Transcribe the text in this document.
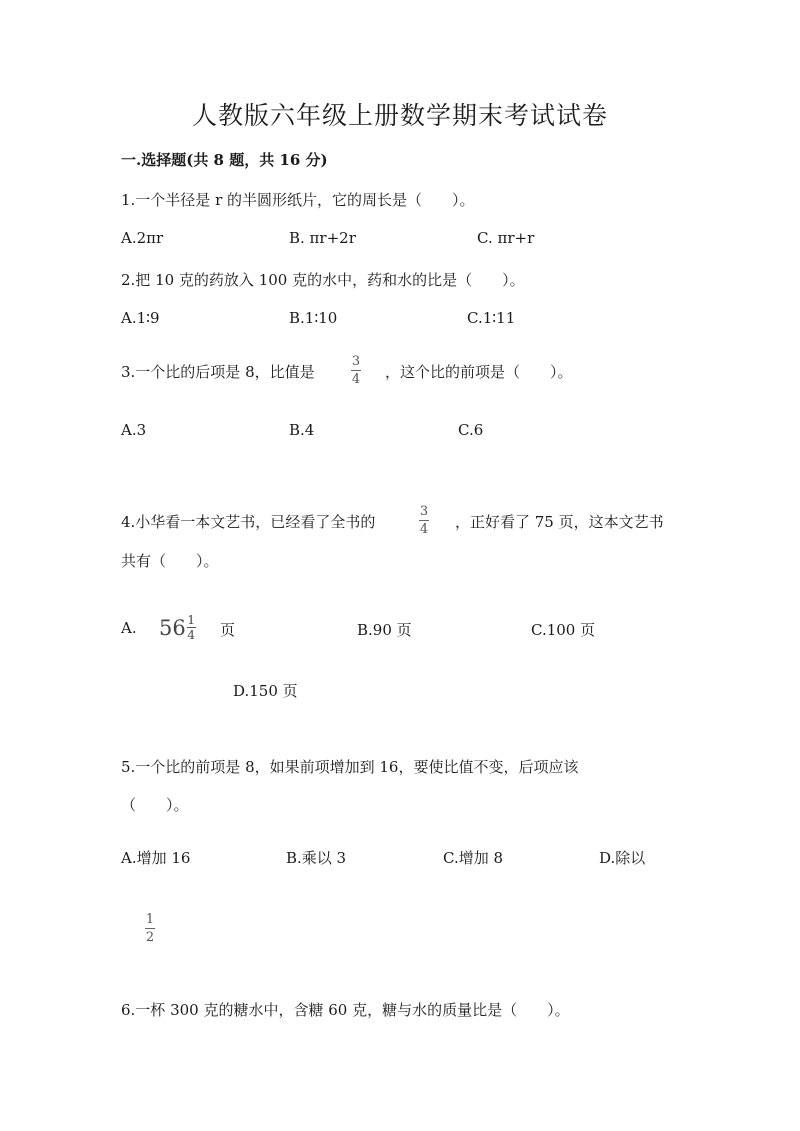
人教版六年级上册数学期末考试试卷
一.选择题(共 8 题，共 16 分)
1.一个半径是 r 的半圆形纸片，它的周长是（　　）。
A.2πr	B. πr+2r	C. πr+r
2.把 10 克的药放入 100 克的水中，药和水的比是（　　）。
A.1∶9	B.1∶10	C.1∶11
3.一个比的后项是 8，比值是
3
4 ，这个比的前项是（　　）。
A.3	B.4	C.6
4.小华看一本文艺书，已经看了全书的
3
4 ，正好看了 75 页，这本文艺书
共有（　　）。
A. 56 1
4 页	B.90 页	C.100 页
D.150 页
5.一个比的前项是 8，如果前项增加到 16，要使比值不变，后项应该
（　　）。
A.增加 16	B.乘以 3	C.增加 8	D.除以
1
2
6.一杯 300 克的糖水中，含糖 60 克，糖与水的质量比是（　　）。
